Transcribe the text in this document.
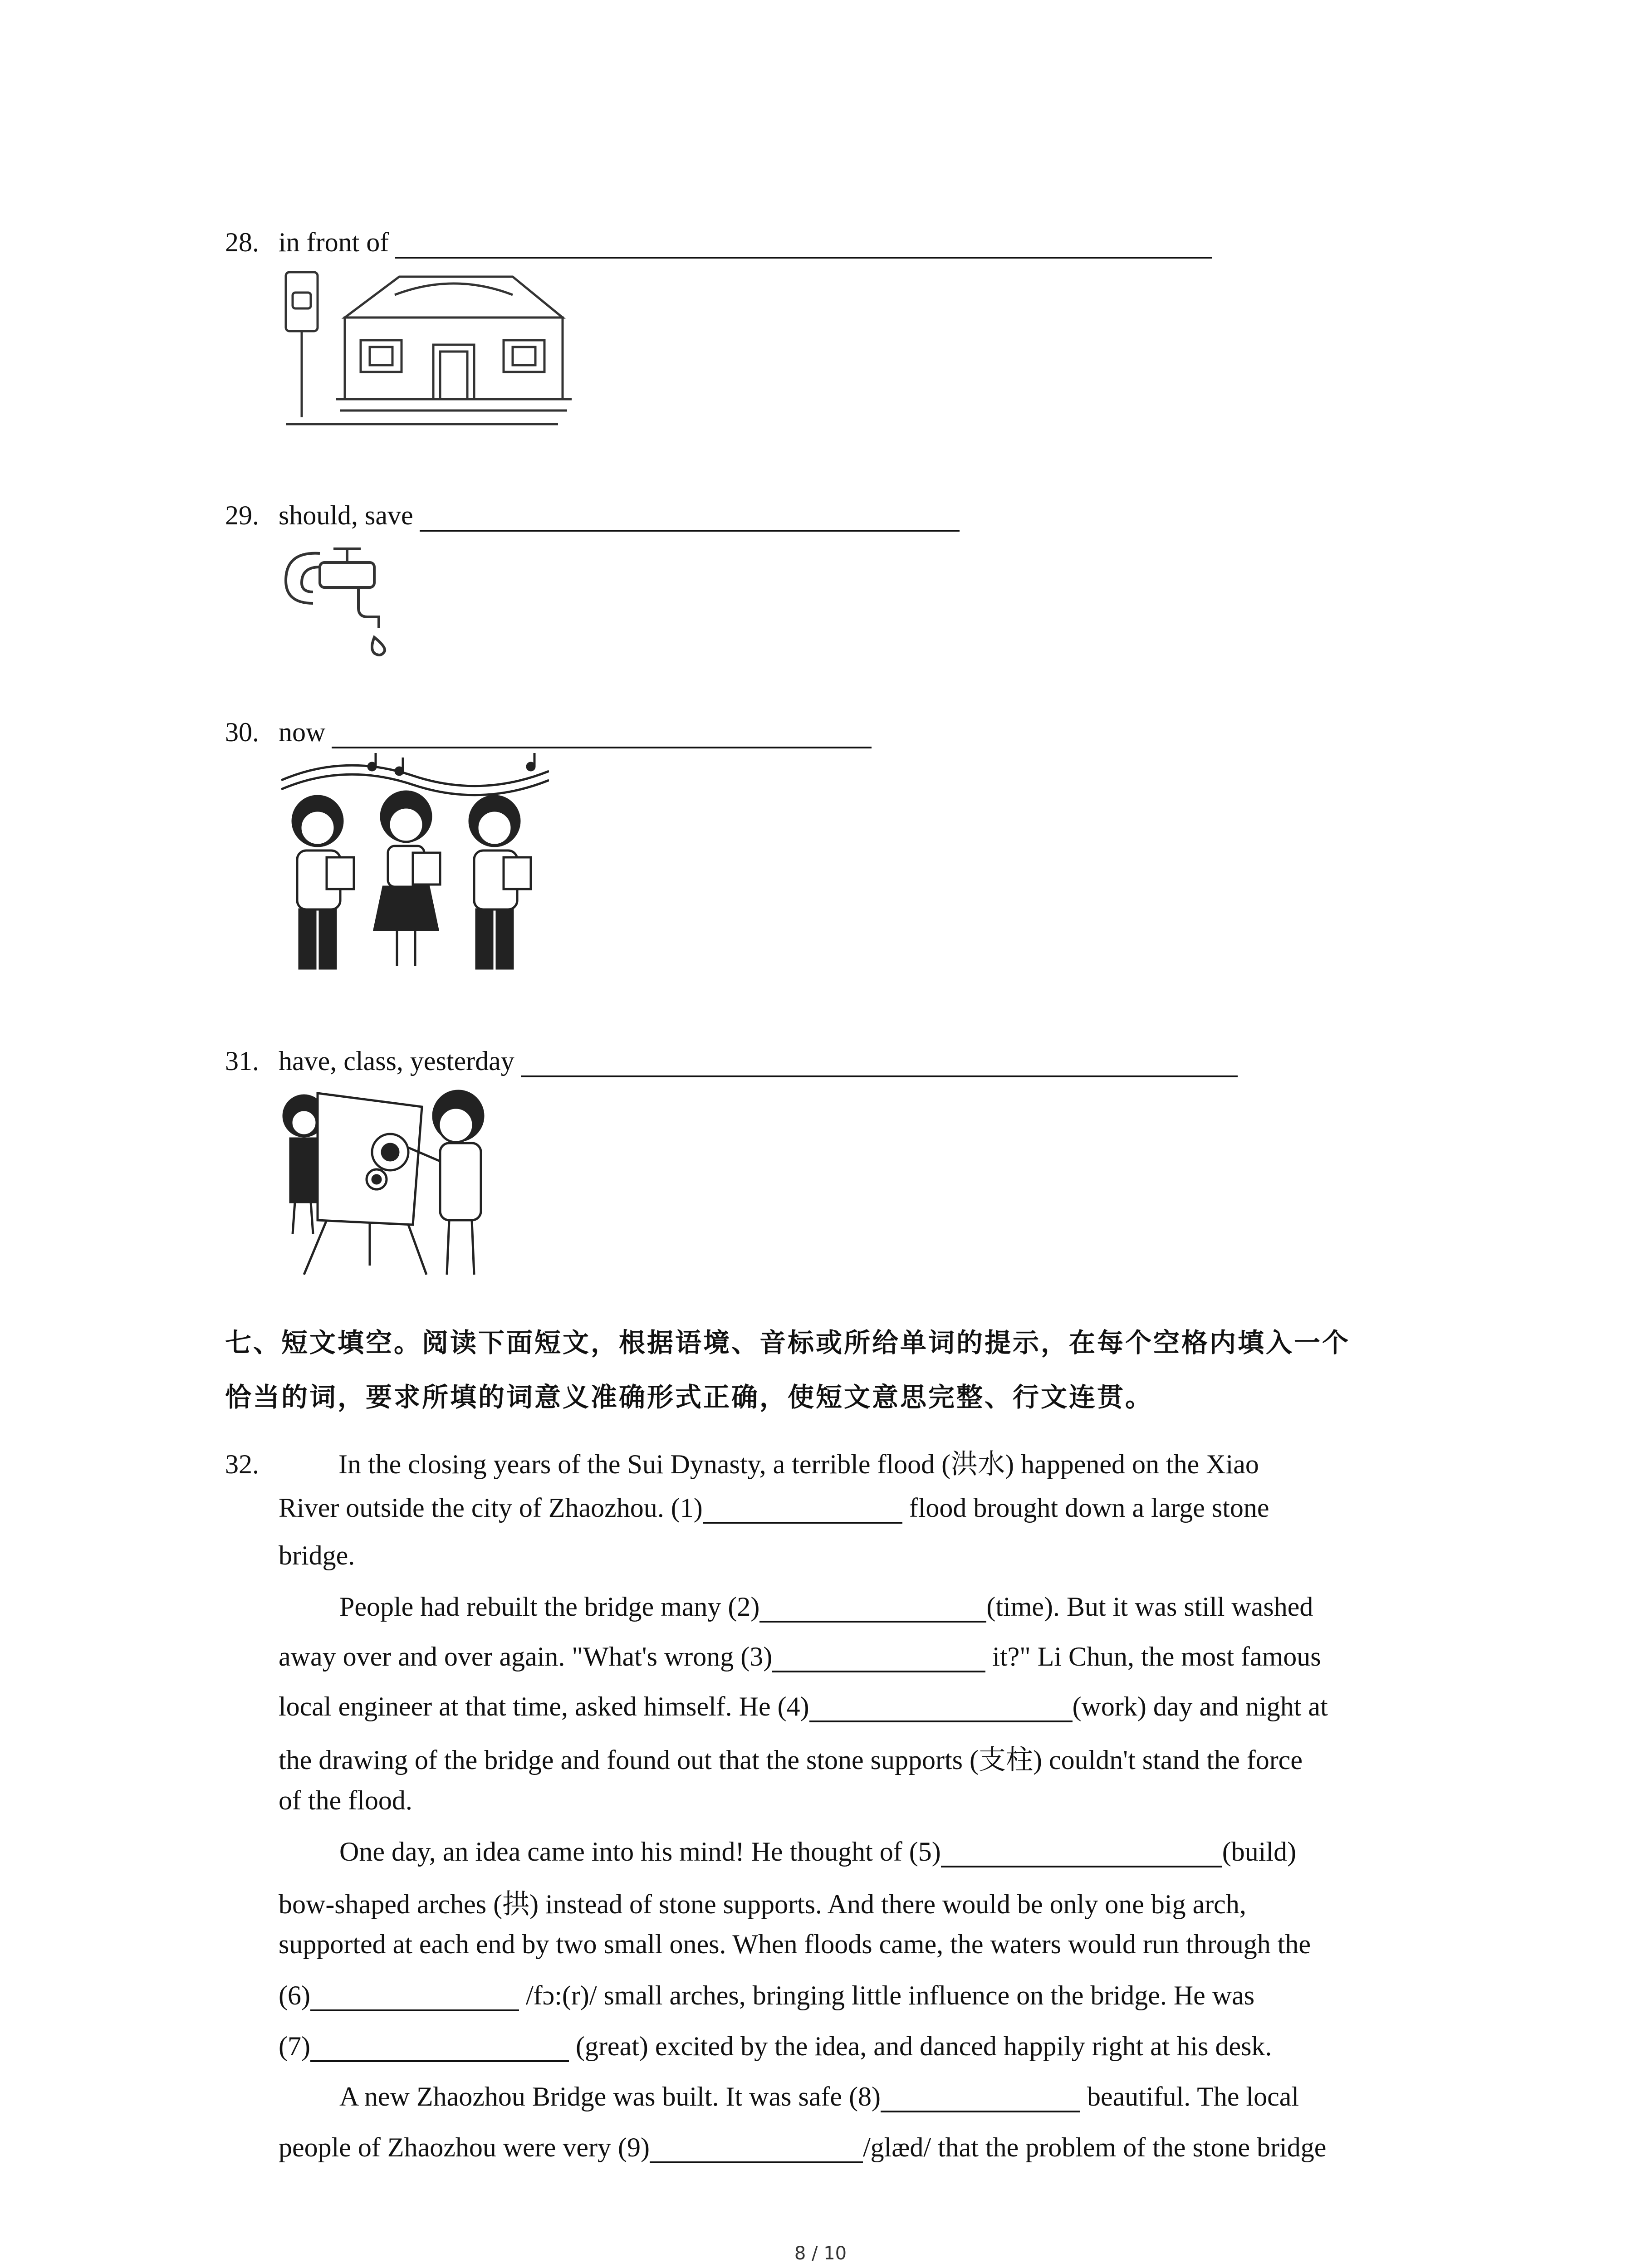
28. in front of
29. should, save
30. now
31. have, class, yesterday
七、短文填空。阅读下面短文，根据语境、音标或所给单词的提示，在每个空格内填入一个
恰当的词，要求所填的词意义准确形式正确，使短文意思完整、行文连贯。
32.	In the closing years of the Sui Dynasty, a terrible flood (洪水) happened on the Xiao
River outside the city of Zhaozhou. (1)	flood brought down a large stone
bridge.
People had rebuilt the bridge many (2)	(time). But it was still washed
away over and over again. "What's wrong (3)	it?" Li Chun, the most famous
local engineer at that time, asked himself. He (4)	(work) day and night at
the drawing of the bridge and found out that the stone supports (支柱) couldn't stand the force
of the flood.
One day, an idea came into his mind! He thought of (5)	(build)
bow-shaped arches (拱) instead of stone supports. And there would be only one big arch,
supported at each end by two small ones. When floods came, the waters would run through the
(6)	/fɔ:(r)/ small arches, bringing little influence on the bridge. He was
(7)	(great) excited by the idea, and danced happily right at his desk.
A new Zhaozhou Bridge was built. It was safe (8)	beautiful. The local
people of Zhaozhou were very (9)	/glæd/ that the problem of the stone bridge
8 / 10
